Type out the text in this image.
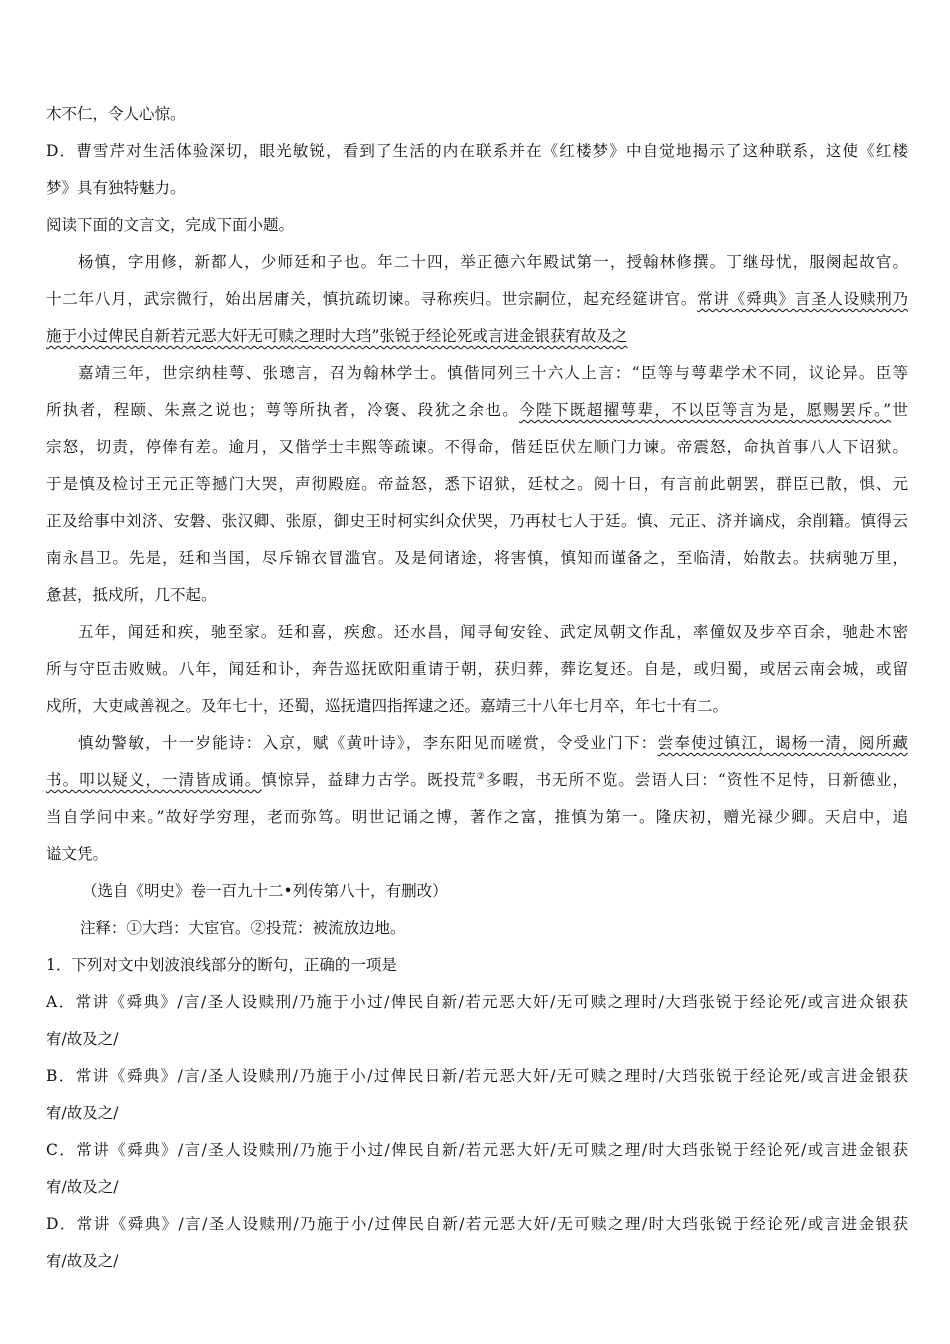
木不仁，令人心惊。
D．曹雪芹对生活体验深切，眼光敏锐，看到了生活的内在联系并在《红楼梦》中自觉地揭示了这种联系，这使《红楼
梦》具有独特魅力。
阅读下面的文言文，完成下面小题。
杨慎，字用修，新都人，少师廷和子也。年二十四，举正德六年殿试第一，授翰林修撰。丁继母忧，服阕起故官。
十二年八月，武宗微行，始出居庸关，慎抗疏切谏。寻称疾归。世宗嗣位，起充经筵讲官。常讲《舜典》言圣人设赎刑乃
施于小过俾民自新若元恶大奸无可赎之理时大珰”张锐于经论死或言进金银获宥故及之
嘉靖三年，世宗纳桂萼、张璁言，召为翰林学士。慎偕同列三十六人上言：“臣等与萼辈学术不同，议论异。臣等
所执者，程颐、朱熹之说也；萼等所执者，冷褒、段犹之余也。今陛下既超擢萼辈，不以臣等言为是，愿赐罢斥。”世
宗怒，切责，停俸有差。逾月，又偕学士丰熙等疏谏。不得命，偕廷臣伏左顺门力谏。帝震怒，命执首事八人下诏狱。
于是慎及检讨王元正等撼门大哭，声彻殿庭。帝益怒，悉下诏狱，廷杖之。阅十日，有言前此朝罢，群臣已散，惧、元
正及给事中刘济、安磐、张汉卿、张原，御史王时柯实纠众伏哭，乃再杖七人于廷。慎、元正、济并谪戍，余削籍。慎得云
南永昌卫。先是，廷和当国，尽斥锦衣冒滥官。及是伺诸途，将害慎，慎知而谨备之，至临清，始散去。扶病驰万里，
惫甚，抵戍所，几不起。
五年，闻廷和疾，驰至家。廷和喜，疾愈。还水昌，闻寻甸安铨、武定凤朝文作乱，率僮奴及步卒百余，驰赴木密
所与守臣击败贼。八年，闻廷和讣，奔告巡抚欧阳重请于朝，获归葬，葬讫复还。自是，或归蜀，或居云南会城，或留
戍所，大吏咸善视之。及年七十，还蜀，巡抚遣四指挥逮之还。嘉靖三十八年七月卒，年七十有二。
慎幼警敏，十一岁能诗：入京，赋《黄叶诗》，李东阳见而嗟赏，令受业门下：尝奉使过镇江，谒杨一清，阅所藏
书。叩以疑义，一清皆成诵。慎惊异，益肆力古学。既投荒②多暇，书无所不览。尝语人曰：“资性不足恃，日新德业，
当自学问中来。”故好学穷理，老而弥笃。明世记诵之博，著作之富，推慎为第一。隆庆初，赠光禄少卿。天启中，追
谥文凭。
（选自《明史》卷一百九十二•列传第八十，有删改）
注释：①大珰：大宦官。②投荒：被流放边地。
1．下列对文中划波浪线部分的断句，正确的一项是
A．常讲《舜典》/言/圣人设赎刑/乃施于小过/俾民自新/若元恶大奸/无可赎之理时/大珰张锐于经论死/或言进众银获
宥/故及之/
B．常讲《舜典》/言/圣人设赎刑/乃施于小/过俾民日新/若元恶大奸/无可赎之理时/大珰张锐于经论死/或言进金银获
宥/故及之/
C．常讲《舜典》/言/圣人设赎刑/乃施于小过/俾民自新/若元恶大奸/无可赎之理/时大珰张锐于经论死/或言进金银获
宥/故及之/
D．常讲《舜典》/言/圣人设赎刑/乃施于小/过俾民自新/若元恶大奸/无可赎之理/时大珰张锐于经论死/或言进金银获
宥/故及之/
